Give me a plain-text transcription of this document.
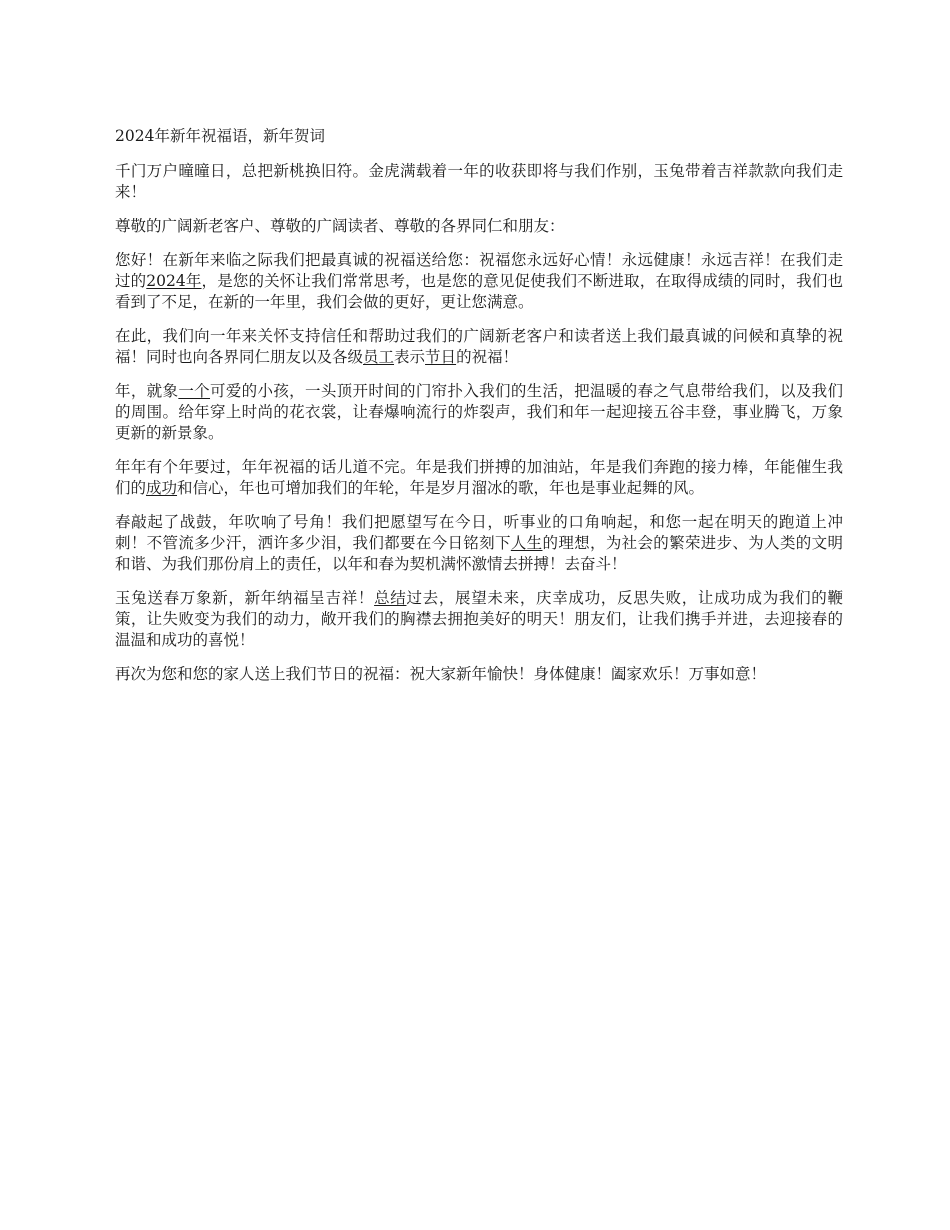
2024年新年祝福语，新年贺词

千门万户曈曈日，总把新桃换旧符。金虎满载着一年的收获即将与我们作别，玉兔带着吉祥款款向我们走来！

尊敬的广阔新老客户、尊敬的广阔读者、尊敬的各界同仁和朋友：

您好！在新年来临之际我们把最真诚的祝福送给您：祝福您永远好心情！永远健康！永远吉祥！在我们走过的2024年，是您的关怀让我们常常思考，也是您的意见促使我们不断进取，在取得成绩的同时，我们也看到了不足，在新的一年里，我们会做的更好，更让您满意。

在此，我们向一年来关怀支持信任和帮助过我们的广阔新老客户和读者送上我们最真诚的问候和真挚的祝福！同时也向各界同仁朋友以及各级员工表示节日的祝福！

年，就象一个可爱的小孩，一头顶开时间的门帘扑入我们的生活，把温暖的春之气息带给我们，以及我们的周围。给年穿上时尚的花衣裳，让春爆响流行的炸裂声，我们和年一起迎接五谷丰登，事业腾飞，万象更新的新景象。

年年有个年要过，年年祝福的话儿道不完。年是我们拼搏的加油站，年是我们奔跑的接力棒，年能催生我们的成功和信心，年也可增加我们的年轮，年是岁月溜冰的歌，年也是事业起舞的风。

春敲起了战鼓，年吹响了号角！我们把愿望写在今日，听事业的口角响起，和您一起在明天的跑道上冲刺！不管流多少汗，洒许多少泪，我们都要在今日铭刻下人生的理想，为社会的繁荣进步、为人类的文明和谐、为我们那份肩上的责任，以年和春为契机满怀激情去拼搏！去奋斗！

玉兔送春万象新，新年纳福呈吉祥！总结过去，展望未来，庆幸成功，反思失败，让成功成为我们的鞭策，让失败变为我们的动力，敞开我们的胸襟去拥抱美好的明天！朋友们，让我们携手并进，去迎接春的温温和成功的喜悦！

再次为您和您的家人送上我们节日的祝福：祝大家新年愉快！身体健康！阖家欢乐！万事如意！
